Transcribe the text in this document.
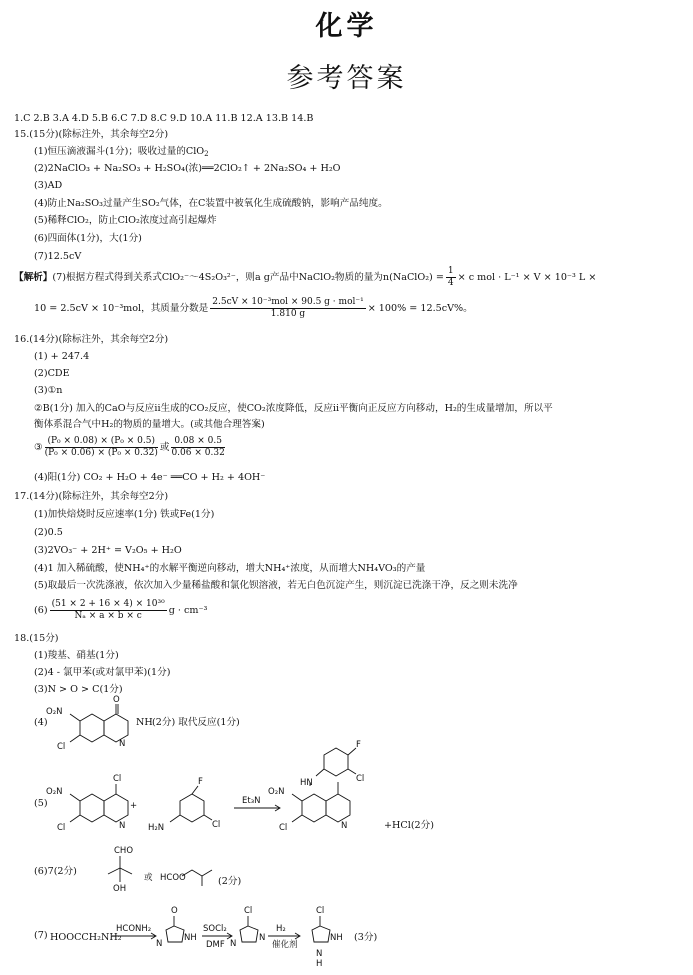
化学
参考答案
1.C 2.B 3.A 4.D 5.B 6.C 7.D 8.C 9.D 10.A 11.B 12.A 13.B 14.B
15.(15分)(除标注外，其余每空2分)
(1)恒压滴液漏斗(1分)；吸收过量的ClO$_2$
(2)2NaClO₃ + Na₂SO₃ + H₂SO₄(浓)══2ClO₂↑ + 2Na₂SO₄ + H₂O
(3)AD
(4)防止Na₂SO₃过量产生SO₂气体，在C装置中被氧化生成硫酸钠，影响产品纯度。
(5)稀释ClO₂，防止ClO₂浓度过高引起爆炸
(6)四面体(1分)，大(1分)
(7)12.5cV
【解析】(7)根据方程式得到关系式ClO₂⁻～4S₂O₃²⁻，则a g产品中NaClO₂物质的量为n(NaClO₂) = $\frac{1}{4} \times c$ mol · L⁻¹ × V × 10⁻³ L ×
10 = 2.5cV × 10⁻³mol，其质量分数是 $\frac{\text{2.5cV × 10⁻³mol × 90.5 g · mol⁻¹}}{1.810 g} \times 100\% = 12.5cV\%$。
16.(14分)(除标注外，其余每空2分)
(1) + 247.4
(2)CDE
(3)①n
②B(1分) 加入的CaO与反应ii生成的CO₂反应，使CO₂浓度降低，反应ii平衡向正反应方向移动，H₂的生成量增加，所以平
衡体系混合气中H₂的物质的量增大。(或其他合理答案)
③ $\frac{\text{(P₀ × 0.08) × (P₀ × 0.5)}}{\text{(P₀ × 0.06) × (P₀ × 0.32)}}$ 或 $\frac{0.08 \times 0.5}{0.06 \times 0.32}$
(4)阳(1分) CO₂ + H₂O + 4e⁻ ══CO + H₂ + 4OH⁻
17.(14分)(除标注外，其余每空2分)
(1)加快焙烧时反应速率(1分) 铁或Fe(1分)
(2)0.5
(3)2VO₃⁻ + 2H⁺ = V₂O₅ + H₂O
(4)1 加入稀硫酸，使NH₄⁺的水解平衡逆向移动，增大NH₄⁺浓度，从而增大NH₄VO₃的产量
(5)取最后一次洗涤液，依次加入少量稀盐酸和氯化钡溶液，若无白色沉淀产生，则沉淀已洗涤干净，反之则未洗净
$(6) \frac{\text{(51 × 2 + 16 × 4) × 10³⁰}}{\text{Nₐ × a × b × c}}$ g · cm⁻³
18.(15分)
(1)羧基、硝基(1分)
(2)4 - 氯甲苯(或对氯甲苯)(1分)
(3)N > O > C(1分)
(4)
O
O₂N
Cl	N
NH (2分) 取代反应(1分)
(5)
Cl
O₂N
Cl	N
+
F
Cl
H₂N
Et₃N
O₂N
Cl	N
F
Cl
HN
+HCl(2分)
(6)7(2分)
CHO
OH
或 HCOO	(2分)
(7) HOOCCH₂NH₂
HCONH₂
O
NH
N
SOCl₂
DMF
Cl
N
N
H₂
催化剂
Cl
NH
N
H
(3分)
